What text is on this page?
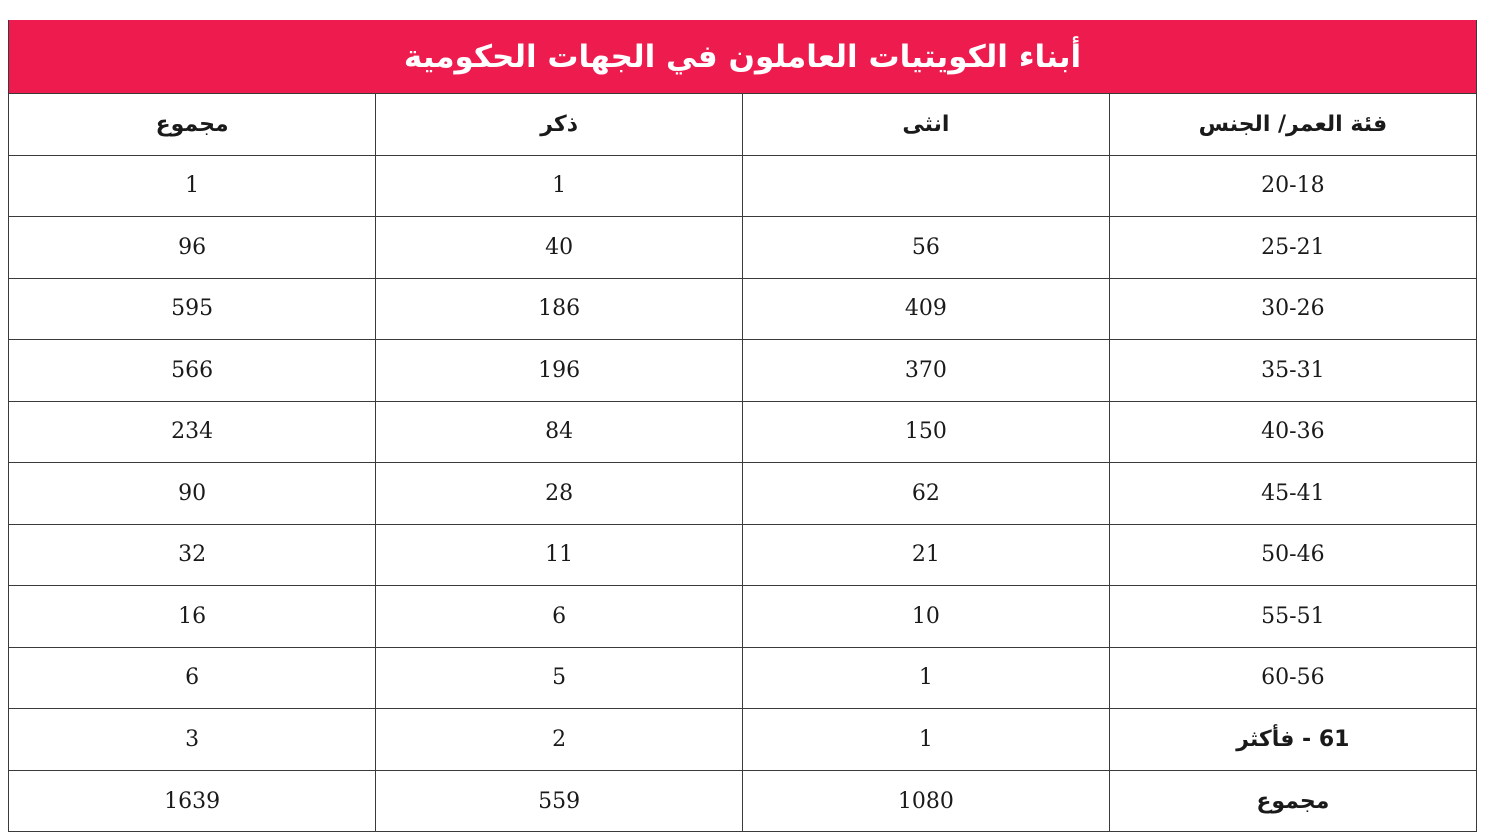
أبناء الكويتيات العاملون في الجهات الحكومية
فئة العمر/ الجنس	انثى	ذكر	مجموع
20-18		1	1
25-21	56	40	96
30-26	409	186	595
35-31	370	196	566
40-36	150	84	234
45-41	62	28	90
50-46	21	11	32
55-51	10	6	16
60-56	1	5	6
61 - فأكثر	1	2	3
مجموع	1080	559	1639
